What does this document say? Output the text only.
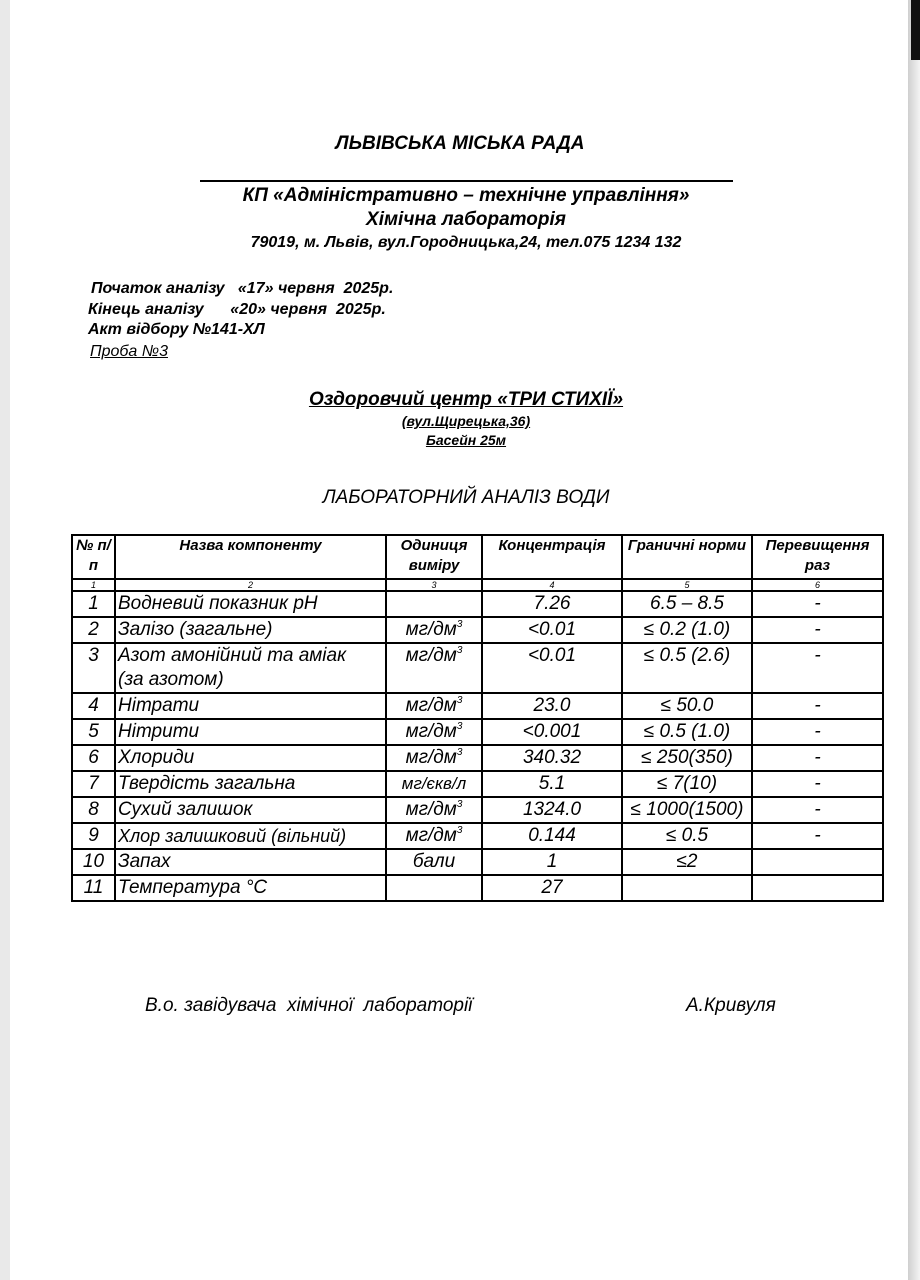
ЛЬВІВСЬКА МІСЬКА РАДА
КП «Адміністративно – технічне управління»
Хімічна лабораторія
79019, м. Львів, вул.Городницька,24, тел.075 1234 132
Початок аналізу   «17» червня  2025р.
Кінець аналізу      «20» червня  2025р.
Акт відбору №141-ХЛ
Проба №3
Оздоровчий центр «ТРИ СТИХІЇ»
(вул.Щирецька,36)
Басейн 25м
ЛАБОРАТОРНИЙ АНАЛІЗ ВОДИ
№ п/п	Назва компоненту	Одиниця виміру	Концентрація	Граничні норми	Перевищення раз
1	2	3	4	5	6
1	Водневий показник pH		7.26	6.5 – 8.5	-
2	Залізо (загальне)	$мг/дм^3$	<0.01	≤ 0.2 (1.0)	-
3	Азот амонійний та аміак
(за азотом)	$мг/дм^3$	<0.01	≤ 0.5 (2.6)	-
4	Нітрати	$мг/дм^3$	23.0	≤ 50.0	-
5	Нітрити	$мг/дм^3$	<0.001	≤ 0.5 (1.0)	-
6	Хлориди	$мг/дм^3$	340.32	≤ 250(350)	-
7	Твердість загальна	мг/єкв/л	5.1	≤ 7(10)	-
8	Сухий залишок	$мг/дм^3$	1324.0	≤ 1000(1500)	-
9	Хлор залишковий (вільний)	$мг/дм^3$	0.144	≤ 0.5	-
10	Запах	бали	1	≤2	
11	Температура °С		27		
В.о. завідувача  хімічної  лабораторії	А.Кривуля
